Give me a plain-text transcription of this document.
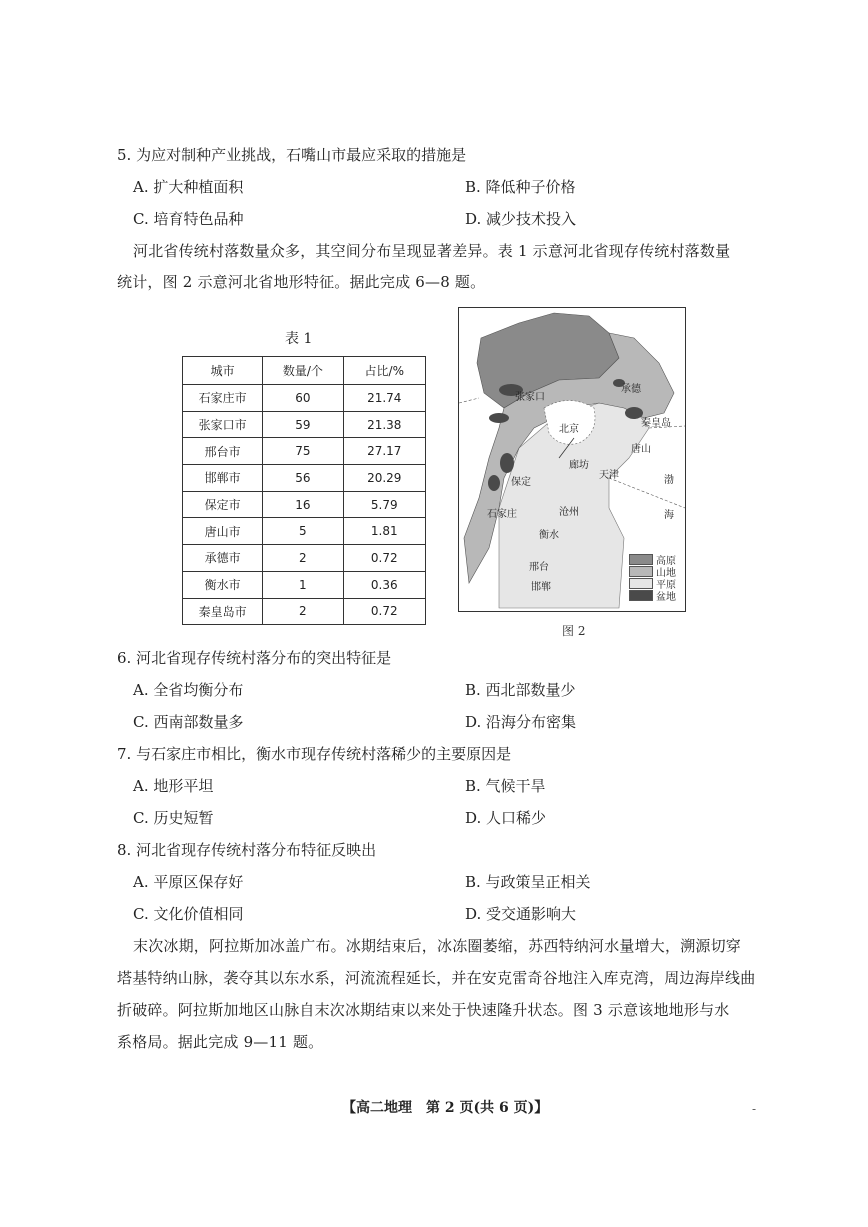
5. 为应对制种产业挑战，石嘴山市最应采取的措施是
A. 扩大种植面积	B. 降低种子价格
C. 培育特色品种	D. 减少技术投入
河北省传统村落数量众多，其空间分布呈现显著差异。表 1 示意河北省现存传统村落数量
统计，图 2 示意河北省地形特征。据此完成 6—8 题。
表 1
城市	数量/个	占比/%
石家庄市	60	21.74
张家口市	59	21.38
邢台市	75	27.17
邯郸市	56	20.29
保定市	16	5.79
唐山市	5	1.81
承德市	2	0.72
衡水市	1	0.36
秦皇岛市	2	0.72
张家口
承德
北京
秦皇岛
唐山
廊坊
天津
保定
沧州
石家庄
衡水
邢台
邯郸
渤
海
高原
山地
平原
盆地
图 2
6. 河北省现存传统村落分布的突出特征是
A. 全省均衡分布	B. 西北部数量少
C. 西南部数量多	D. 沿海分布密集
7. 与石家庄市相比，衡水市现存传统村落稀少的主要原因是
A. 地形平坦	B. 气候干旱
C. 历史短暂	D. 人口稀少
8. 河北省现存传统村落分布特征反映出
A. 平原区保存好	B. 与政策呈正相关
C. 文化价值相同	D. 受交通影响大
末次冰期，阿拉斯加冰盖广布。冰期结束后，冰冻圈萎缩，苏西特纳河水量增大，溯源切穿
塔基特纳山脉，袭夺其以东水系，河流流程延长，并在安克雷奇谷地注入库克湾，周边海岸线曲
折破碎。阿拉斯加地区山脉自末次冰期结束以来处于快速隆升状态。图 3 示意该地地形与水
系格局。据此完成 9—11 题。
【高二地理　第 2 页(共 6 页)】	-
